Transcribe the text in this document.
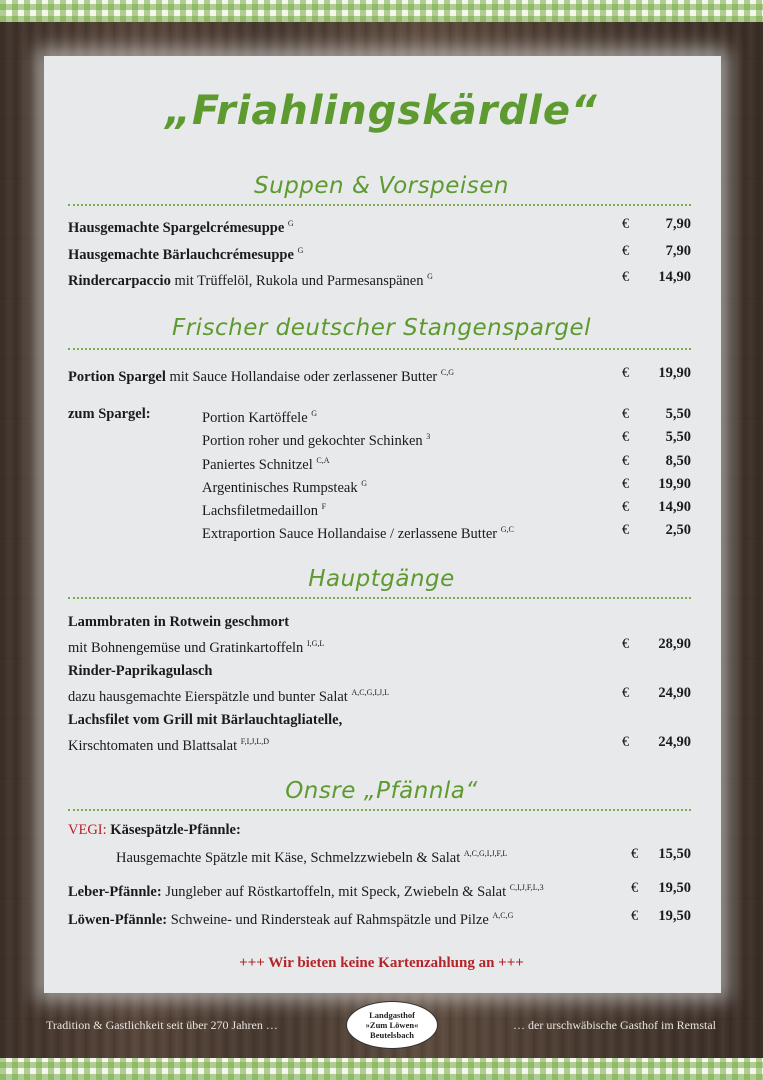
„Friahlingskärdle“
Suppen & Vorspeisen
Hausgemachte Spargelcrémesuppe $^G$	€	7,90
Hausgemachte Bärlauchcrémesuppe $^G$	€	7,90
Rindercarpaccio mit Trüffelöl, Rukola und Parmesanspänen $^G$	€ 14,90
Frischer deutscher Stangenspargel
Portion Spargel mit Sauce Hollandaise oder zerlassener Butter $^{C,G}$	€ 19,90
zum Spargel:	Portion Kartöffele $^G$	€	5,50
Portion roher und gekochter Schinken $^3$	€	5,50
Paniertes Schnitzel $^{C,A}$	€	8,50
Argentinisches Rumpsteak $^G$	€ 19,90
Lachsfiletmedaillon $^F$	€ 14,90
Extraportion Sauce Hollandaise / zerlassene Butter $^{G,C}$	€	2,50
Hauptgänge
Lammbraten in Rotwein geschmort
mit Bohnengemüse und Gratinkartoffeln $^{I,G,L}$	€ 28,90
Rinder-Paprikagulasch
dazu hausgemachte Eierspätzle und bunter Salat $^{A,C,G,I,J,L}$	€ 24,90
Lachsfilet vom Grill mit Bärlauchtagliatelle,
Kirschtomaten und Blattsalat $^{F,I,J,L,D}$	€ 24,90
Onsre „Pfännla“
VEGI: Käsespätzle-Pfännle:
Hausgemachte Spätzle mit Käse, Schmelzzwiebeln & Salat $^{A,C,G,I,J,F,L}$	€ 15,50
Leber-Pfännle: Jungleber auf Röstkartoffeln, mit Speck, Zwiebeln & Salat $^{C,I,J,F,L,3}$	€ 19,50
Löwen-Pfännle: Schweine- und Rindersteak auf Rahmspätzle und Pilze $^{A,C,G}$	€ 19,50
+++ Wir bieten keine Kartenzahlung an +++
Tradition & Gastlichkeit seit über 270 Jahren …
Landgasthof
»Zum Löwen«
Beutelsbach
… der urschwäbische Gasthof im Remstal
